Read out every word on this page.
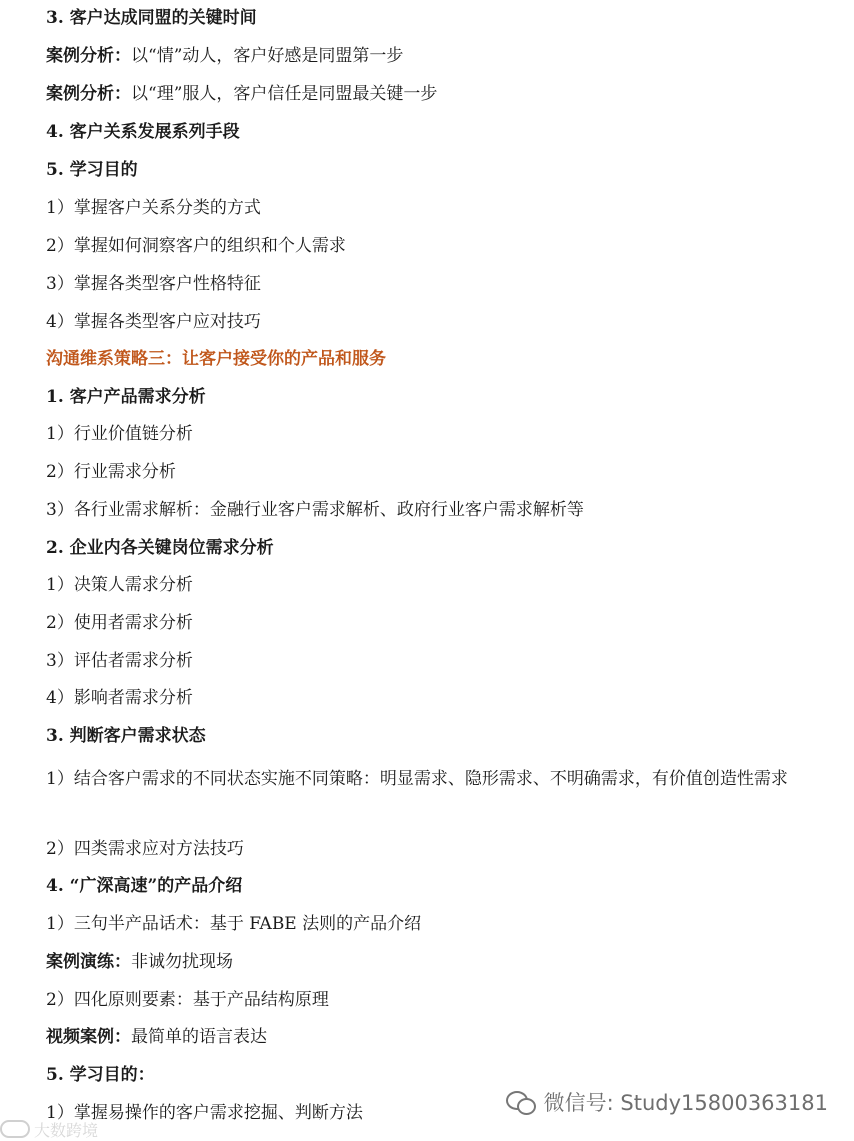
3. 客户达成同盟的关键时间
案例分析：以“情”动人，客户好感是同盟第一步
案例分析：以“理”服人，客户信任是同盟最关键一步
4. 客户关系发展系列手段
5. 学习目的
1）掌握客户关系分类的方式
2）掌握如何洞察客户的组织和个人需求
3）掌握各类型客户性格特征
4）掌握各类型客户应对技巧
沟通维系策略三：让客户接受你的产品和服务
1. 客户产品需求分析
1）行业价值链分析
2）行业需求分析
3）各行业需求解析：金融行业客户需求解析、政府行业客户需求解析等
2. 企业内各关键岗位需求分析
1）决策人需求分析
2）使用者需求分析
3）评估者需求分析
4）影响者需求分析
3. 判断客户需求状态
1）结合客户需求的不同状态实施不同策略：明显需求、隐形需求、不明确需求，有价值创造性需求
2）四类需求应对方法技巧
4. “广深高速”的产品介绍
1）三句半产品话术：基于 FABE 法则的产品介绍
案例演练：非诚勿扰现场
2）四化原则要素：基于产品结构原理
视频案例：最简单的语言表达
5. 学习目的：
1）掌握易操作的客户需求挖掘、判断方法	微信号: Study15800363181
大数跨境
